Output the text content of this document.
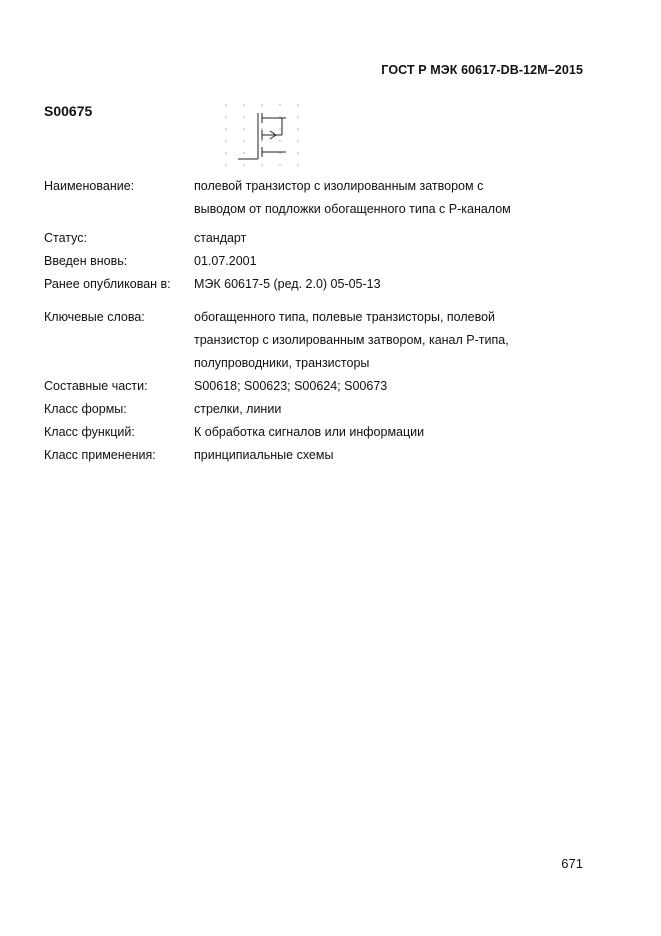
ГОСТ Р МЭК 60617-DB-12M–2015
S00675
Наименование:	полевой транзистор с изолированным затвором с
выводом от подложки обогащенного типа с Р-каналом
Статус:	стандарт
Введен вновь:	01.07.2001
Ранее опубликован в: МЭК 60617-5 (ред. 2.0) 05-05-13
Ключевые слова:	обогащенного типа, полевые транзисторы, полевой
транзистор с изолированным затвором, канал Р-типа,
полупроводники, транзисторы
Составные части:	S00618; S00623; S00624; S00673
Класс формы:	стрелки, линии
Класс функций:	К обработка сигналов или информации
Класс применения:	принципиальные схемы
671
